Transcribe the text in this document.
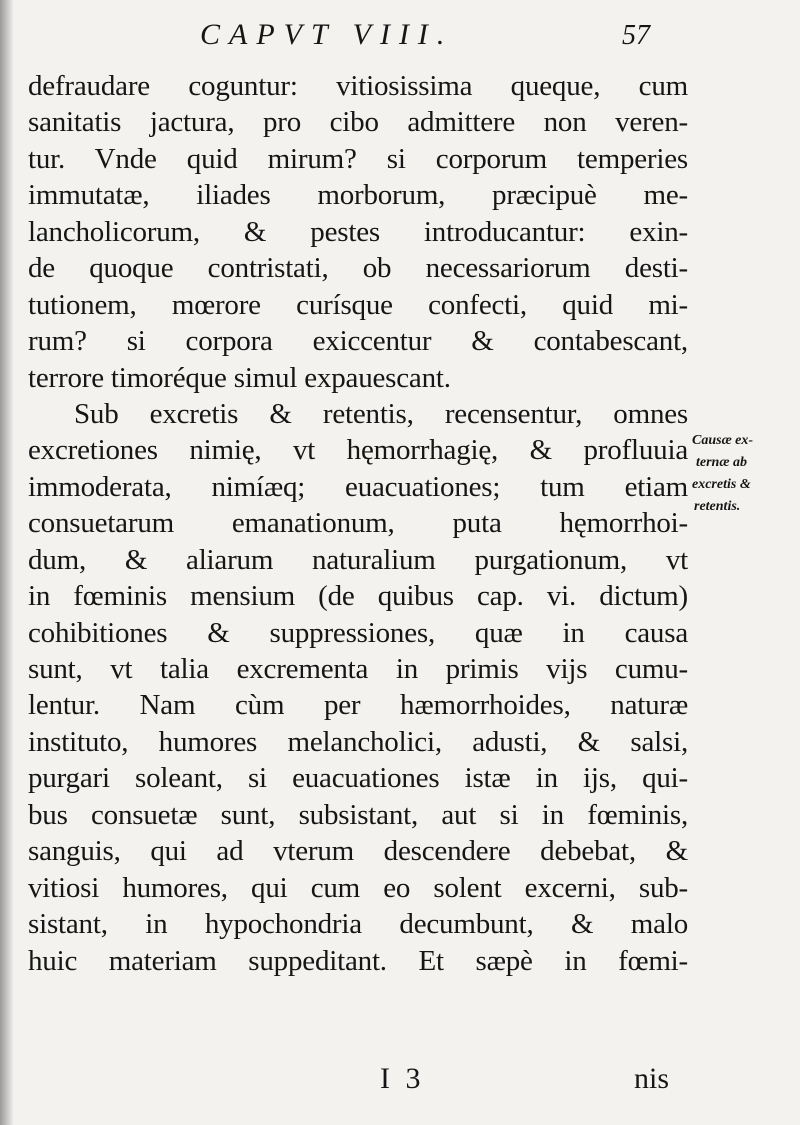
CAPVT VIII.	57
defraudare coguntur: vitiosissima queque, cum
sanitatis jactura, pro cibo admittere non veren-
tur. Vnde quid mirum? si corporum temperies
immutatæ, iliades morborum, præcipuè me-
lancholicorum, & pestes introducantur: exin-
de quoque contristati, ob necessariorum desti-
tutionem, mœrore curísque confecti, quid mi-
rum? si corpora exiccentur & contabescant,
terrore timoréque simul expauescant.
Sub excretis & retentis, recensentur, omnes
excretiones nimię, vt hęmorrhagię, & profluuia
immoderata, nimíæq; euacuationes; tum etiam
consuetarum emanationum, puta hęmorrhoi-
dum, & aliarum naturalium purgationum, vt
in fœminis mensium (de quibus cap. vi. dictum)
cohibitiones & suppressiones, quæ in causa
sunt, vt talia excrementa in primis vijs cumu-
lentur. Nam cùm per hæmorrhoides, naturæ
instituto, humores melancholici, adusti, & salsi,
purgari soleant, si euacuationes istæ in ijs, qui-
bus consuetæ sunt, subsistant, aut si in fœminis,
sanguis, qui ad vterum descendere debebat, &
vitiosi humores, qui cum eo solent excerni, sub-
sistant, in hypochondria decumbunt, & malo
huic materiam suppeditant. Et sæpè in fœmi-
Causæ ex-
ternæ ab
excretis &
retentis.
I 3	nis
